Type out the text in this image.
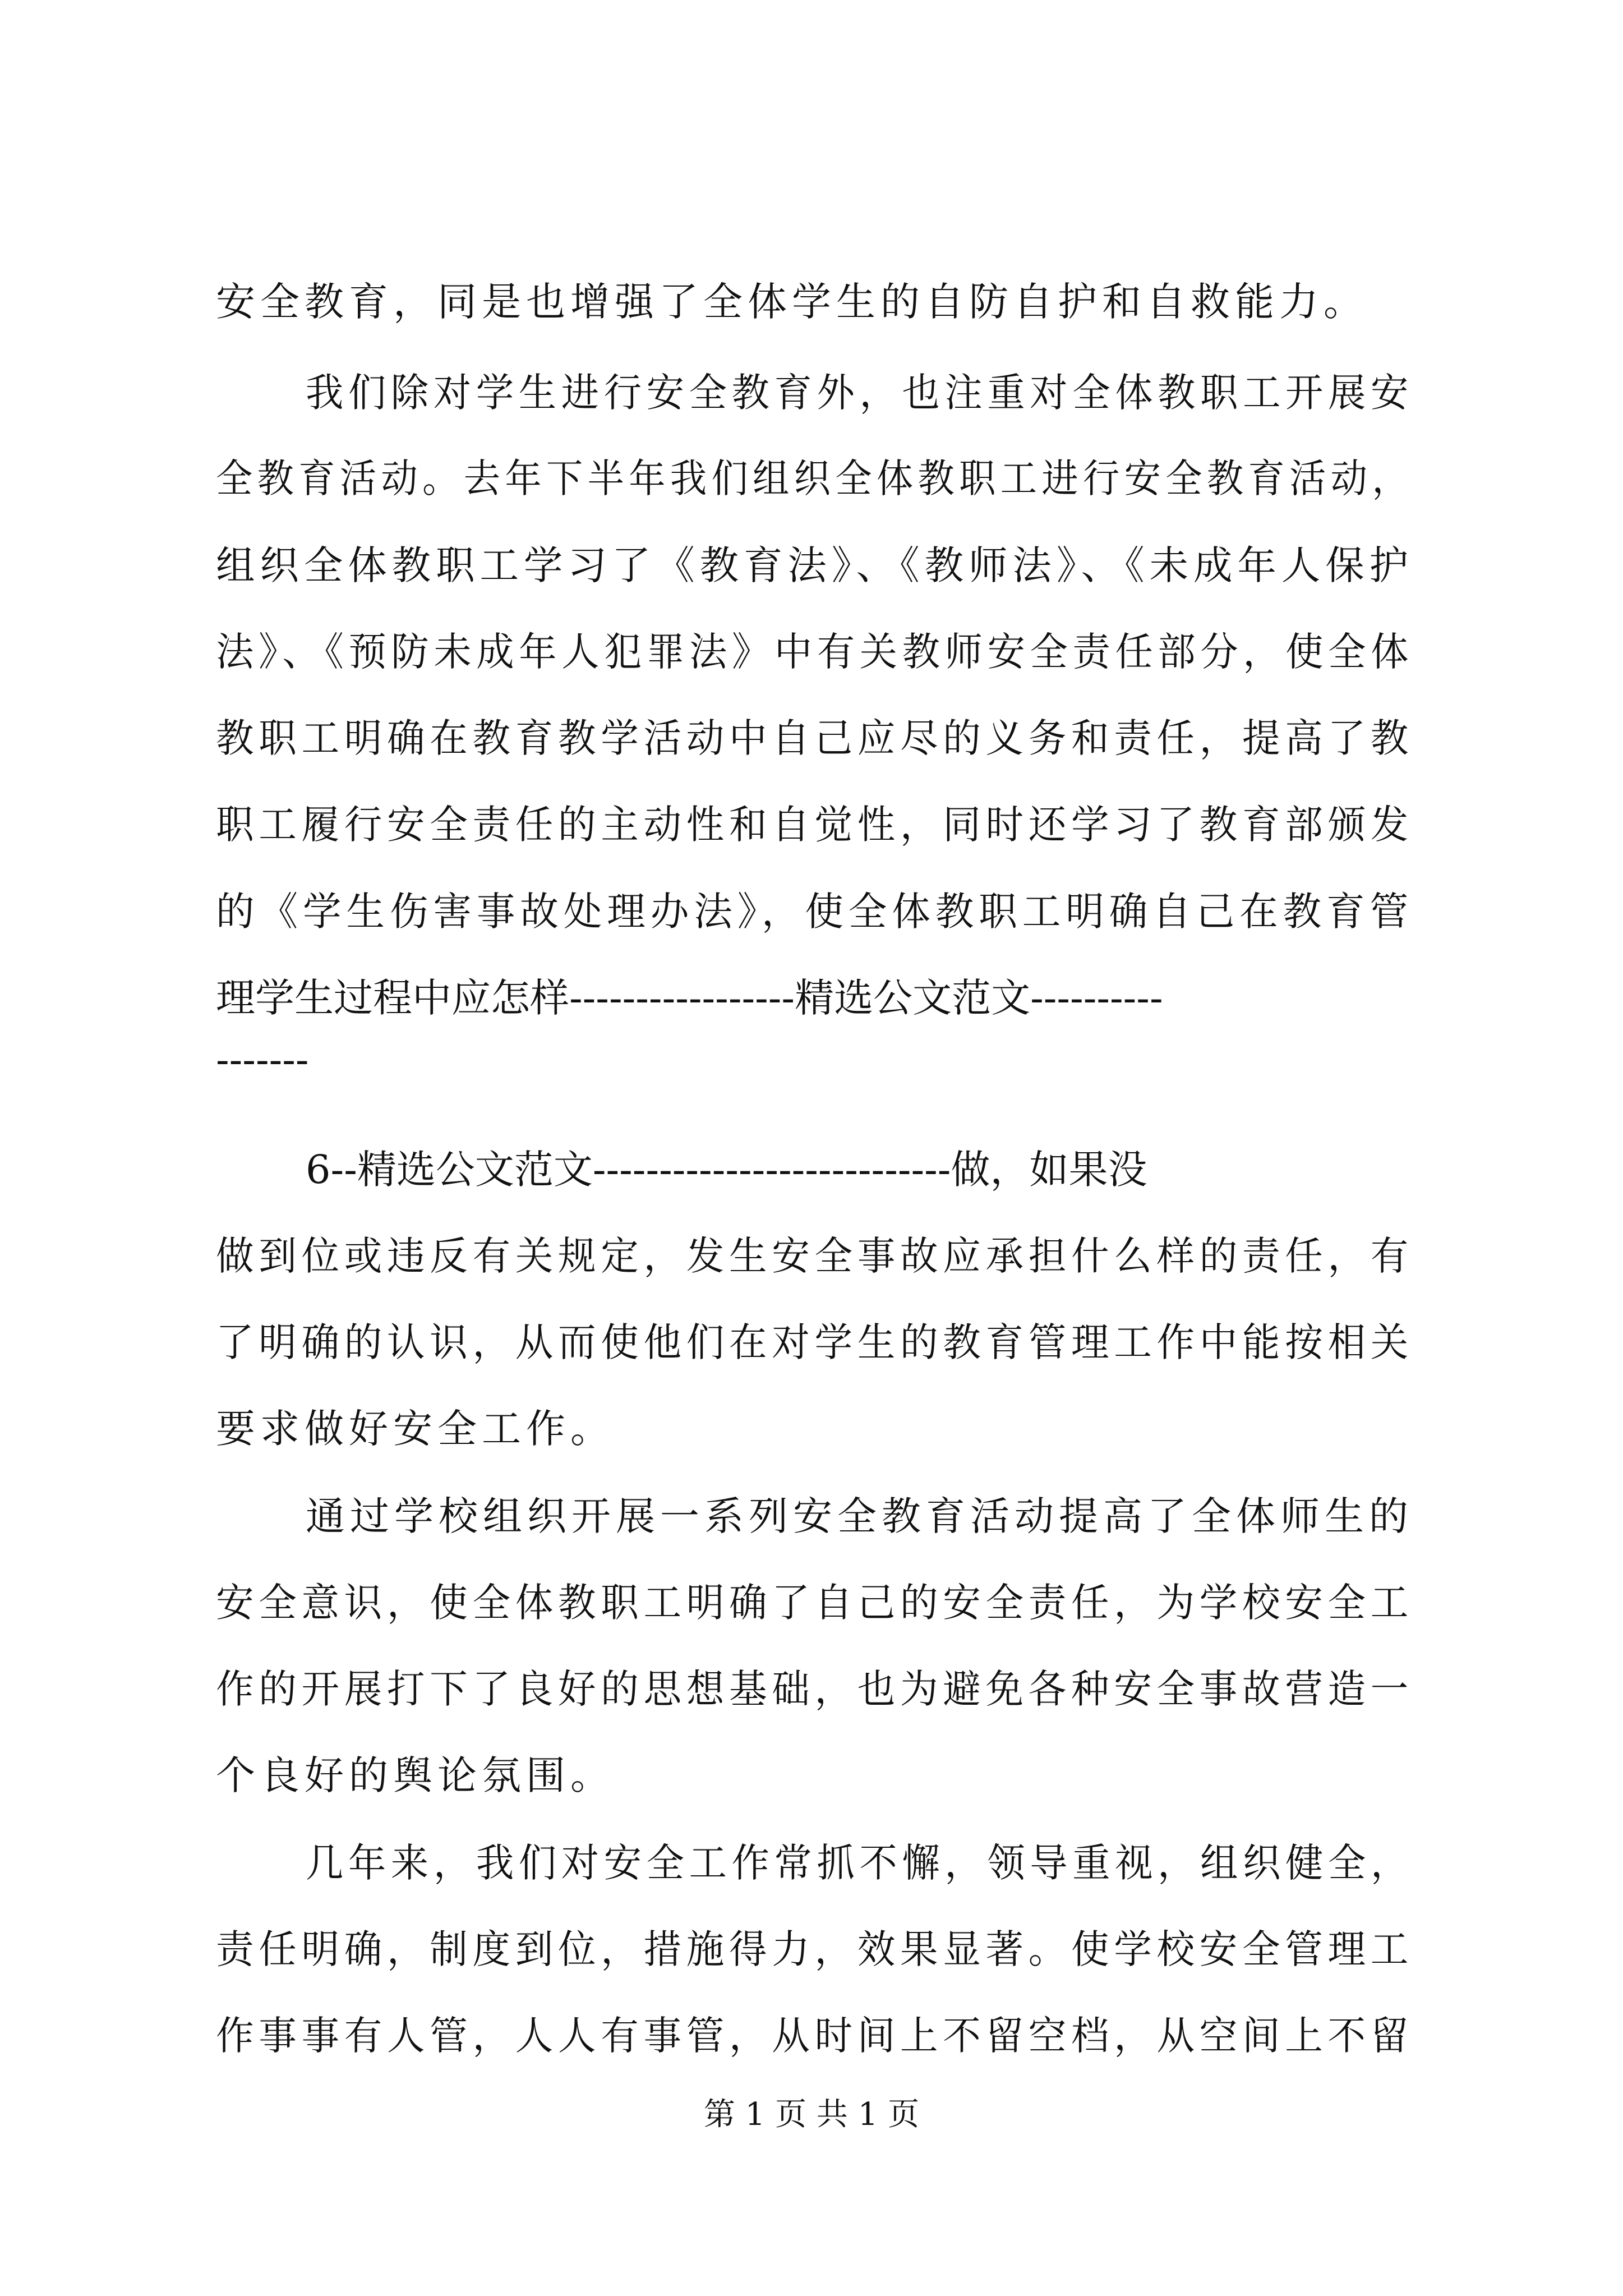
安全教育，同是也增强了全体学生的自防自护和自救能力。
我们除对学生进行安全教育外，也注重对全体教职工开展安
全教育活动。去年下半年我们组织全体教职工进行安全教育活动，
组织全体教职工学习了《教育法》、《教师法》、《未成年人保护
法》、《预防未成年人犯罪法》中有关教师安全责任部分，使全体
教职工明确在教育教学活动中自己应尽的义务和责任，提高了教
职工履行安全责任的主动性和自觉性，同时还学习了教育部颁发
的《学生伤害事故处理办法》，使全体教职工明确自己在教育管
理学生过程中应怎样-----------------精选公文范文----------
-------
6--精选公文范文---------------------------做，如果没
做到位或违反有关规定，发生安全事故应承担什么样的责任，有
了明确的认识，从而使他们在对学生的教育管理工作中能按相关
要求做好安全工作。
通过学校组织开展一系列安全教育活动提高了全体师生的
安全意识，使全体教职工明确了自己的安全责任，为学校安全工
作的开展打下了良好的思想基础，也为避免各种安全事故营造一
个良好的舆论氛围。
几年来，我们对安全工作常抓不懈，领导重视，组织健全，
责任明确，制度到位，措施得力，效果显著。使学校安全管理工
作事事有人管，人人有事管，从时间上不留空档，从空间上不留
第 1 页 共 1 页
